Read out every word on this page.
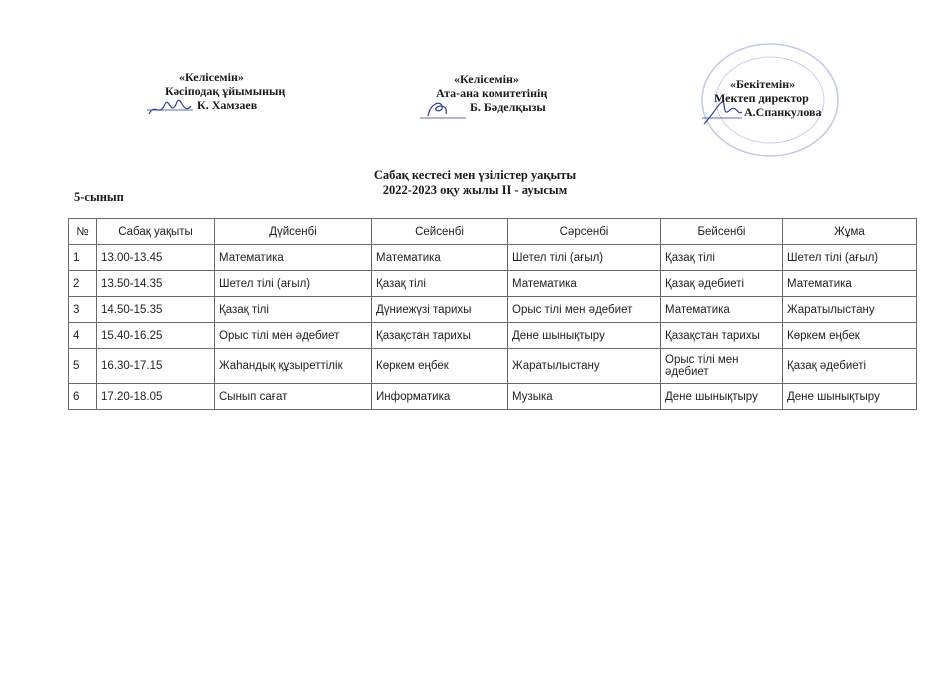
«Келісемін»
Кәсіподақ ұйымының
К. Хамзаев
«Келісемін»
Ата-ана комитетінің
Б. Бәделқызы
«Бекітемін»
Мектеп директор
А.Спанкулова
Сабақ кестесі мен үзілістер уақыты
2022-2023 оқу жылы ІІ - ауысым
5-сынып
№	Сабақ уақыты	Дүйсенбі	Сейсенбі	Сәрсенбі	Бейсенбі	Жұма
1	13.00-13.45	Математика	Математика	Шетел тілі (ағыл)	Қазақ тілі	Шетел тілі (ағыл)
2	13.50-14.35	Шетел тілі (ағыл)	Қазақ тілі	Математика	Қазақ әдебиеті	Математика
3	14.50-15.35	Қазақ тілі	Дүниежүзі тарихы	Орыс тілі мен әдебиет	Математика	Жаратылыстану
4	15.40-16.25	Орыс тілі мен әдебиет	Қазақстан тарихы	Дене шынықтыру	Қазақстан тарихы	Көркем еңбек
5	16.30-17.15	Жаһандық құзыреттілік	Көркем еңбек	Жаратылыстану	Орыс тілі мен әдебиет	Қазақ әдебиеті
6	17.20-18.05	Сынып сағат	Информатика	Музыка	Дене шынықтыру	Дене шынықтыру
